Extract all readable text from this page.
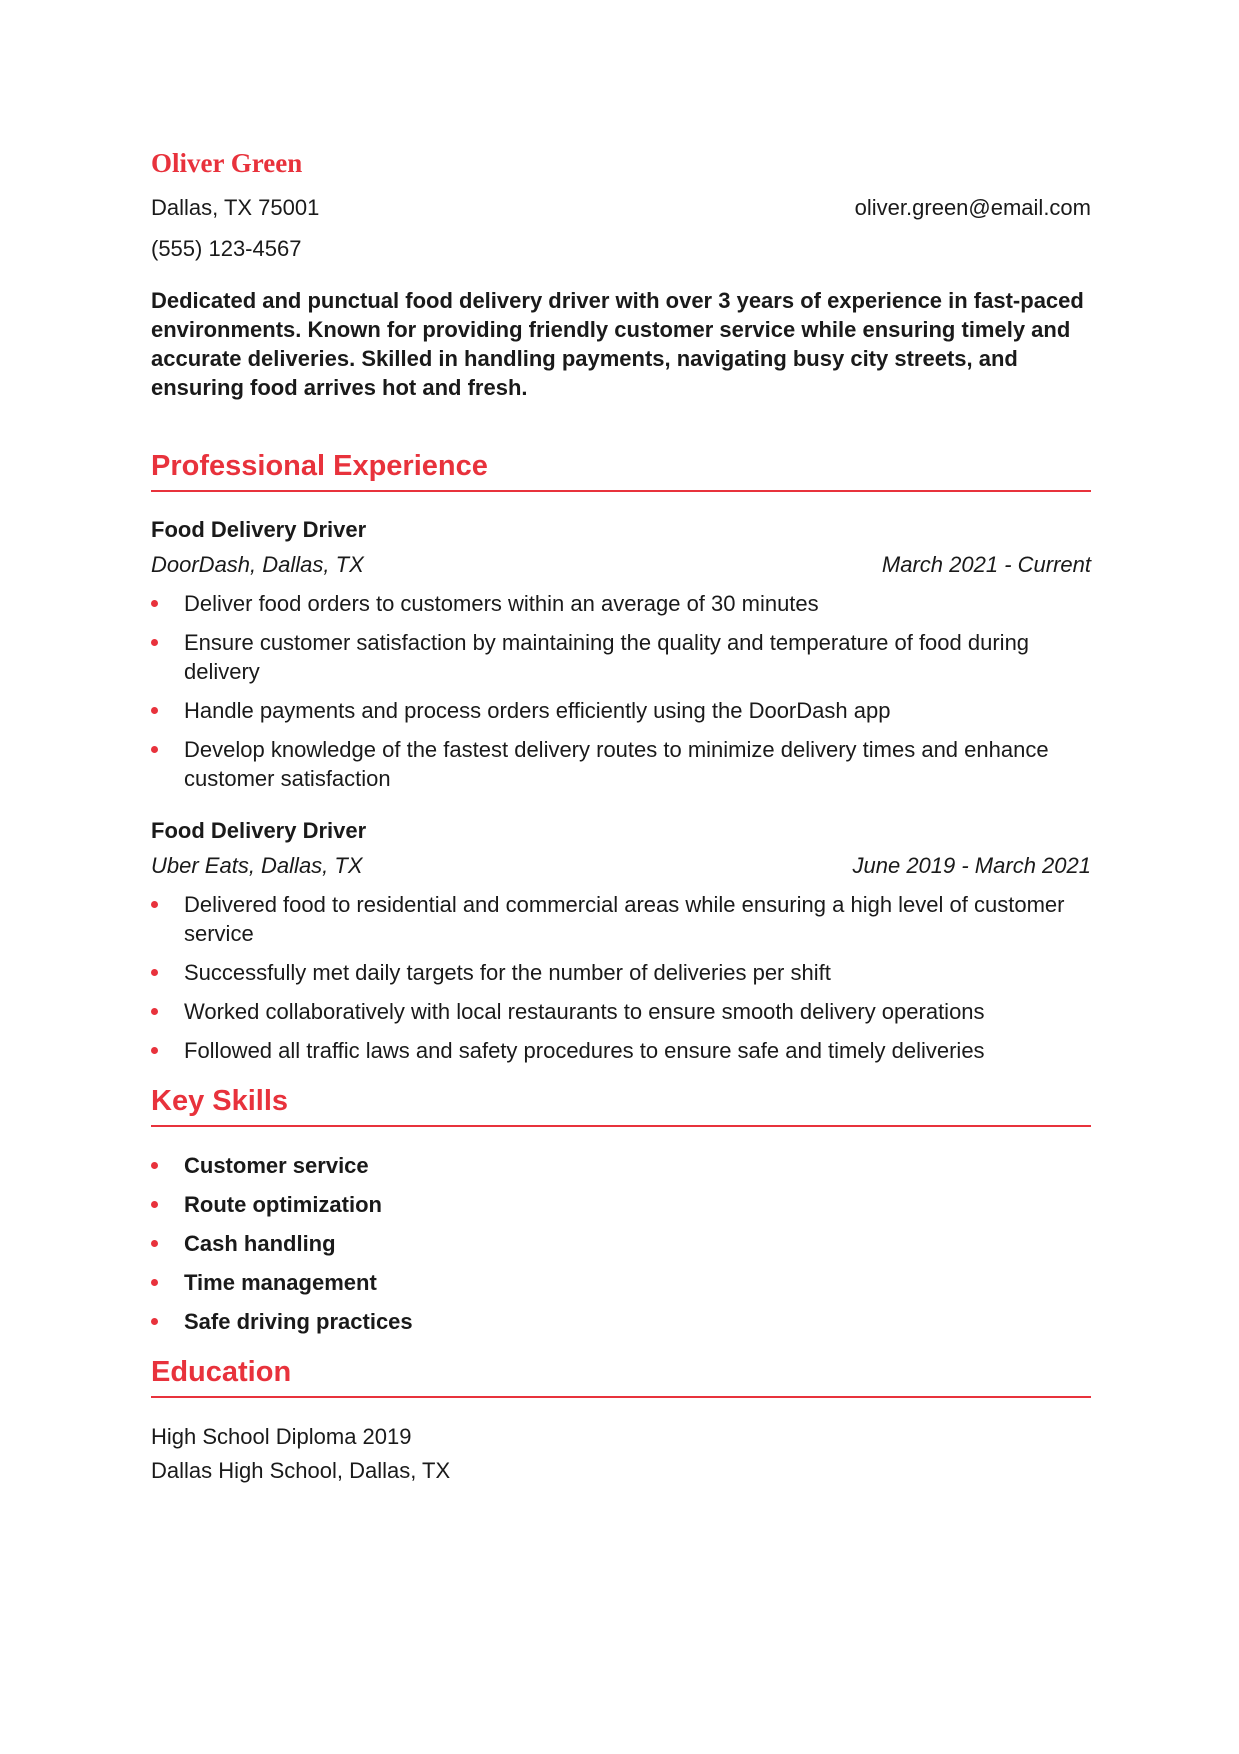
Oliver Green
Dallas, TX 75001	oliver.green@email.com
(555) 123-4567

Dedicated and punctual food delivery driver with over 3 years of experience in fast-paced environments. Known for providing friendly customer service while ensuring timely and accurate deliveries. Skilled in handling payments, navigating busy city streets, and ensuring food arrives hot and fresh.

Professional Experience
Food Delivery Driver
DoorDash, Dallas, TX	March 2021 - Current
Deliver food orders to customers within an average of 30 minutes
Ensure customer satisfaction by maintaining the quality and temperature of food during delivery
Handle payments and process orders efficiently using the DoorDash app
Develop knowledge of the fastest delivery routes to minimize delivery times and enhance customer satisfaction
Food Delivery Driver
Uber Eats, Dallas, TX	June 2019 - March 2021
Delivered food to residential and commercial areas while ensuring a high level of customer service
Successfully met daily targets for the number of deliveries per shift
Worked collaboratively with local restaurants to ensure smooth delivery operations
Followed all traffic laws and safety procedures to ensure safe and timely deliveries
Key Skills
Customer service
Route optimization
Cash handling
Time management
Safe driving practices
Education
High School Diploma 2019
Dallas High School, Dallas, TX
